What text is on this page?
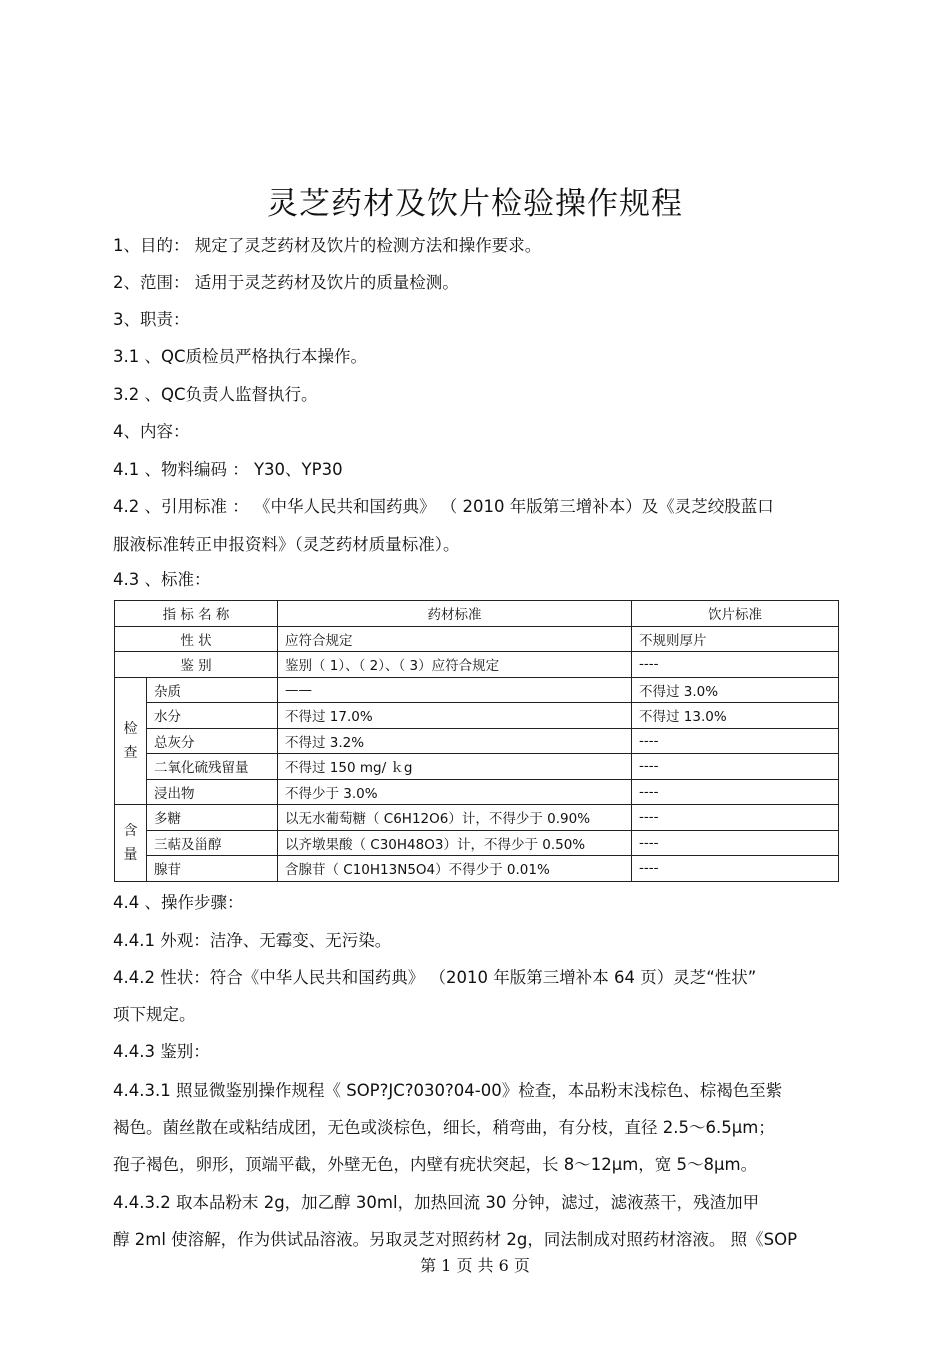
灵芝药材及饮片检验操作规程
1、目的： 规定了灵芝药材及饮片的检测方法和操作要求。
2、范围： 适用于灵芝药材及饮片的质量检测。
3、职责：
3.1 、QC质检员严格执行本操作。
3.2 、QC负责人监督执行。
4、内容：
4.1 、物料编码 ： Y30、YP30
4.2 、引用标准 ： 《中华人民共和国药典》 （ 2010 年版第三增补本）及《灵芝绞股蓝口
服液标准转正申报资料》（灵芝药材质量标准）。
4.3 、标准：
指 标 名 称		药材标准	饮片标准
性 状		应符合规定	不规则厚片
鉴 别		鉴别（ 1）、（ 2）、（ 3）应符合规定	----

检
查	杂质	——	不得过 3.0%
	水分	不得过 17.0%	不得过 13.0%
	总灰分	不得过 3.2%	----
	二氧化硫残留量	不得过 150 mg/ ｋg	----
	浸出物	不得少于 3.0%	----

含
量	多糖	以无水葡萄糖（ C6H12O6）计，不得少于 0.90%	----
	三萜及甾醇	以齐墩果酸（ C30H48O3）计，不得少于 0.50%	----
	腺苷	含腺苷（ C10H13N5O4）不得少于 0.01%	----
4.4 、操作步骤：
4.4.1 外观：洁净、无霉变、无污染。
4.4.2 性状：符合《中华人民共和国药典》 （2010 年版第三增补本 64 页）灵芝“性状”
项下规定。
4.4.3 鉴别：
4.4.3.1 照显微鉴别操作规程《 SOP?JC?030?04-00》检查，本品粉末浅棕色、棕褐色至紫
褐色。菌丝散在或粘结成团，无色或淡棕色，细长，稍弯曲，有分枝，直径 2.5～6.5μm；
孢子褐色，卵形，顶端平截，外壁无色，内壁有疣状突起，长 8～12μm，宽 5～8μm。
4.4.3.2 取本品粉末 2g，加乙醇 30ml，加热回流 30 分钟，滤过，滤液蒸干，残渣加甲
醇 2ml 使溶解，作为供试品溶液。另取灵芝对照药材 2g，同法制成对照药材溶液。 照《SOP
第 1 页 共 6 页
